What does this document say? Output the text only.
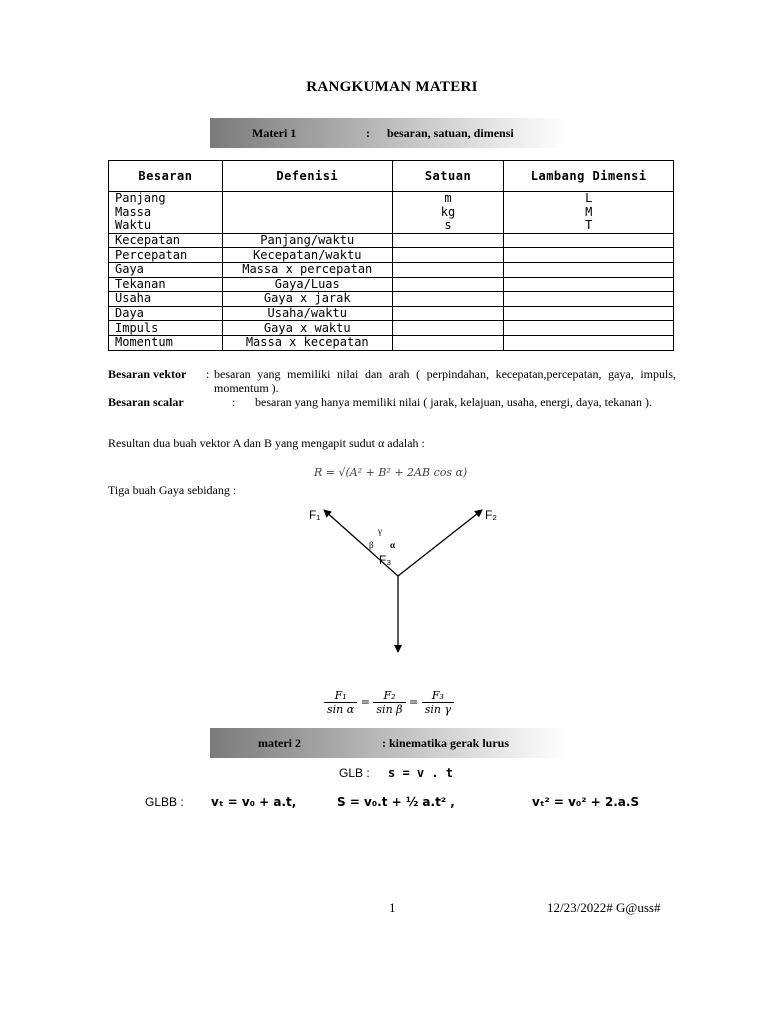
RANGKUMAN MATERI
Materi 1	: besaran, satuan, dimensi
Besaran	Defenisi	Satuan	Lambang Dimensi
Panjang		m	L
Massa		kg	M
Waktu		s	T
Kecepatan	Panjang/waktu		
Percepatan	Kecepatan/waktu		
Gaya	Massa x percepatan		
Tekanan	Gaya/Luas		
Usaha	Gaya x jarak		
Daya	Usaha/waktu		
Impuls	Gaya x waktu		
Momentum	Massa x kecepatan		
Besaran vektor : besaran yang memiliki nilai dan arah ( perpindahan, kecepatan,percepatan, gaya, impuls, momentum ).
Besaran scalar	: besaran yang hanya memiliki nilai ( jarak, kelajuan, usaha, energi, daya, tekanan ).
Resultan dua buah vektor A dan B yang mengapit sudut α adalah :
R = √(A² + B² + 2AB cos α)
Tiga buah Gaya sebidang :
F₁	F₂
F₃
γ
β α
$\frac{\text{F₁}}{\text{sin α}} = \frac{\text{F₂}}{\text{sin β}} = \frac{\text{F₃}}{\text{sin γ}}$
materi 2	: kinematika gerak lurus
GLB : s = v . t
GLBB : vₜ = v₀ + a.t,	S = v₀.t + ½ a.t² ,	vₜ² = v₀² + 2.a.S
1	12/23/2022# G@uss#
